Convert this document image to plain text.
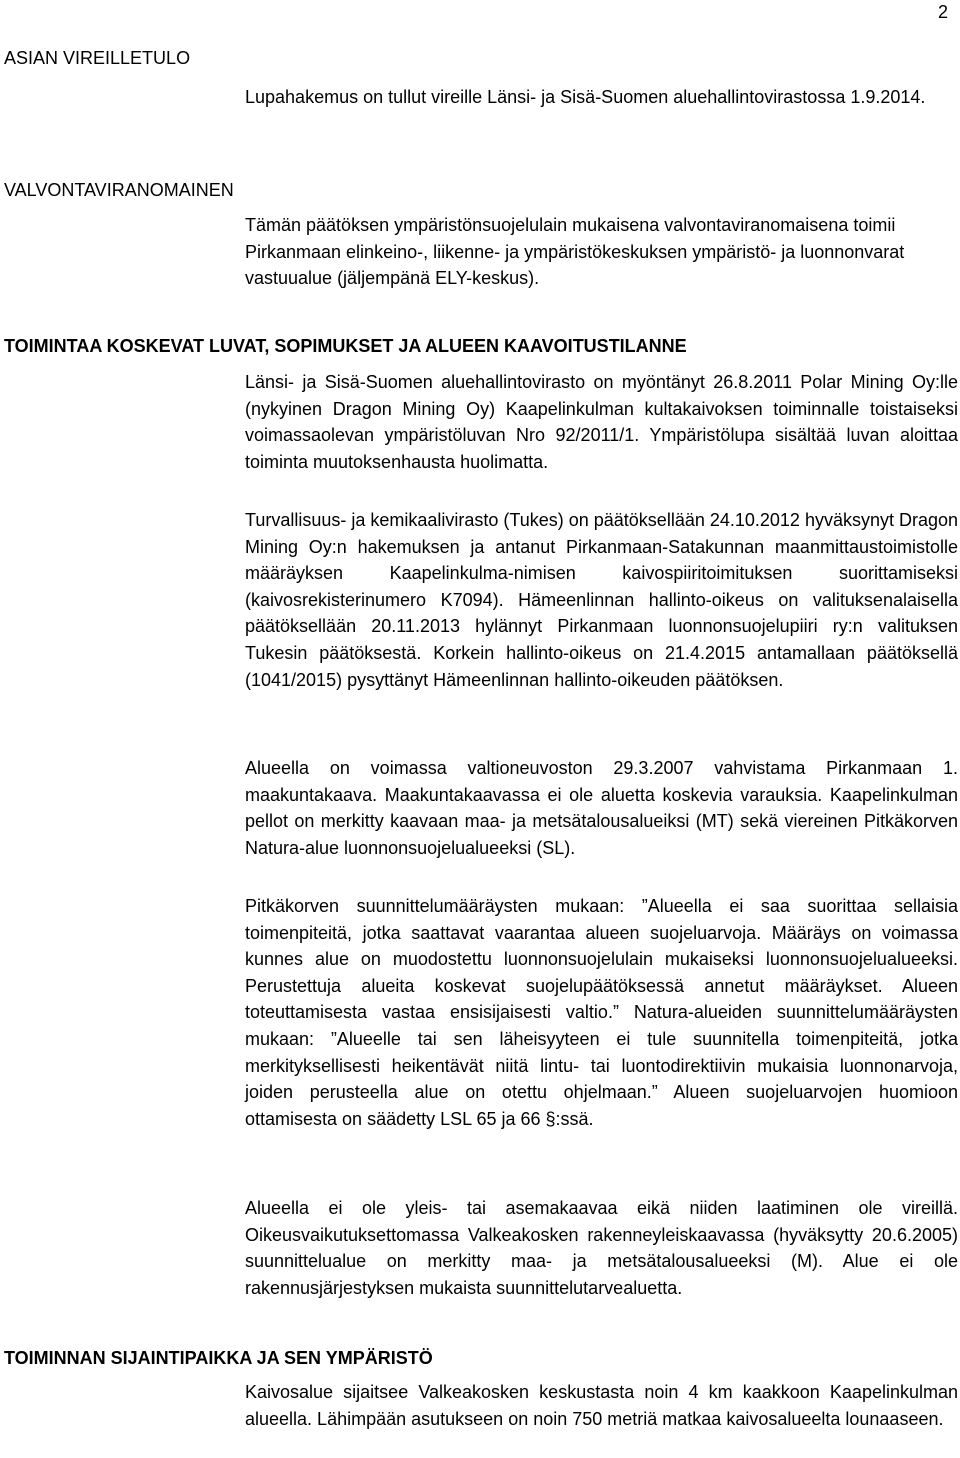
2
ASIAN VIREILLETULO

Lupahakemus on tullut vireille Länsi- ja Sisä-Suomen aluehallintovirastossa 1.9.2014.

VALVONTAVIRANOMAINEN

Tämän päätöksen ympäristönsuojelulain mukaisena valvontaviranomaisena toimii Pirkanmaan elinkeino-, liikenne- ja ympäristökeskuksen ympäristö- ja luonnonvarat vastuualue (jäljempänä ELY-keskus).

TOIMINTAA KOSKEVAT LUVAT, SOPIMUKSET JA ALUEEN KAAVOITUSTILANNE

Länsi- ja Sisä-Suomen aluehallintovirasto on myöntänyt 26.8.2011 Polar Mining Oy:lle (nykyinen Dragon Mining Oy) Kaapelinkulman kultakaivoksen toiminnalle toistaiseksi voimassaolevan ympäristöluvan Nro 92/2011/1. Ympäristölupa sisältää luvan aloittaa toiminta muutoksenhausta huolimatta.

Turvallisuus- ja kemikaalivirasto (Tukes) on päätöksellään 24.10.2012 hyväksynyt Dragon Mining Oy:n hakemuksen ja antanut Pirkanmaan-Satakunnan maanmittaustoimistolle määräyksen Kaapelinkulma-nimisen kaivospiiritoimituksen suorittamiseksi (kaivosrekisterinumero K7094). Hämeenlinnan hallinto-oikeus on valituksenalaisella päätöksellään 20.11.2013 hylännyt Pirkanmaan luonnonsuojelupiiri ry:n valituksen Tukesin päätöksestä. Korkein hallinto-oikeus on 21.4.2015 antamallaan päätöksellä (1041/2015) pysyttänyt Hämeenlinnan hallinto-oikeuden päätöksen.

Alueella on voimassa valtioneuvoston 29.3.2007 vahvistama Pirkanmaan 1. maakuntakaava. Maakuntakaavassa ei ole aluetta koskevia varauksia. Kaapelinkulman pellot on merkitty kaavaan maa- ja metsätalousalueiksi (MT) sekä viereinen Pitkäkorven Natura-alue luonnonsuojelualueeksi (SL).

Pitkäkorven suunnittelumääräysten mukaan: ”Alueella ei saa suorittaa sellaisia toimenpiteitä, jotka saattavat vaarantaa alueen suojeluarvoja. Määräys on voimassa kunnes alue on muodostettu luonnonsuojelulain mukaiseksi luonnonsuojelualueeksi. Perustettuja alueita koskevat suojelupäätöksessä annetut määräykset. Alueen toteuttamisesta vastaa ensisijaisesti valtio.” Natura-alueiden suunnittelumääräysten mukaan: ”Alueelle tai sen läheisyyteen ei tule suunnitella toimenpiteitä, jotka merkityksellisesti heikentävät niitä lintu- tai luontodirektiivin mukaisia luonnonarvoja, joiden perusteella alue on otettu ohjelmaan.” Alueen suojeluarvojen huomioon ottamisesta on säädetty LSL 65 ja 66 §:ssä.

Alueella ei ole yleis- tai asemakaavaa eikä niiden laatiminen ole vireillä. Oikeusvaikutuksettomassa Valkeakosken rakenneyleiskaavassa (hyväksytty 20.6.2005) suunnittelualue on merkitty maa- ja metsätalousalueeksi (M). Alue ei ole rakennusjärjestyksen mukaista suunnittelutarvealuetta.

TOIMINNAN SIJAINTIPAIKKA JA SEN YMPÄRISTÖ

Kaivosalue sijaitsee Valkeakosken keskustasta noin 4 km kaakkoon Kaapelinkulman alueella. Lähimpään asutukseen on noin 750 metriä matkaa kaivosalueelta lounaaseen.
